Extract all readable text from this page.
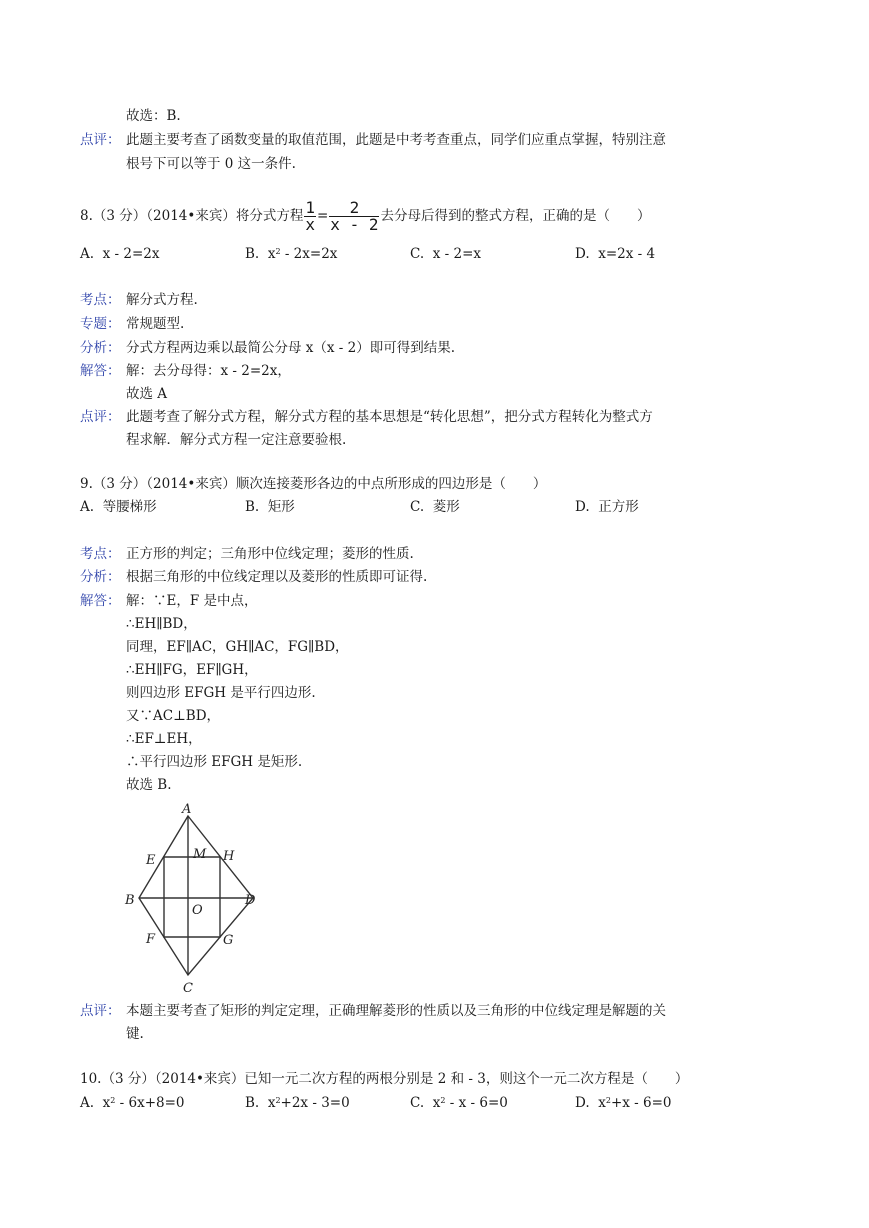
故选：B.
点评： 此题主要考查了函数变量的取值范围，此题是中考考查重点，同学们应重点掌握，特别注意
根号下可以等于 0 这一条件.
8.（3 分）（2014•来宾）将分式方程 $\frac{1}{x} = \frac{2}{x - 2}$ 去分母后得到的整式方程，正确的是（　　）
A. x - 2=2x	B. $x^2 - 2x=2x$	C. x - 2=x	D. x=2x - 4
考点： 解分式方程.
专题： 常规题型.
分析： 分式方程两边乘以最简公分母 x（x - 2）即可得到结果.
解答： 解：去分母得：x - 2=2x，
故选 A
点评： 此题考查了解分式方程，解分式方程的基本思想是“转化思想”，把分式方程转化为整式方
程求解．解分式方程一定注意要验根.
9.（3 分）（2014•来宾）顺次连接菱形各边的中点所形成的四边形是（　　）
A. 等腰梯形	B. 矩形	C. 菱形	D. 正方形
考点： 正方形的判定；三角形中位线定理；菱形的性质.
分析： 根据三角形的中位线定理以及菱形的性质即可证得.
解答： 解：∵E，F 是中点，
∴EH∥BD，
同理，EF∥AC，GH∥AC，FG∥BD，
∴EH∥FG，EF∥GH，
则四边形 EFGH 是平行四边形.
又∵AC⊥BD，
∴EF⊥EH，
∴平行四边形 EFGH 是矩形.
故选 B.
A
B
C
D
E	H
F	G
M
O
点评： 本题主要考查了矩形的判定定理，正确理解菱形的性质以及三角形的中位线定理是解题的关
键.
10.（3 分）（2014•来宾）已知一元二次方程的两根分别是 2 和 - 3，则这个一元二次方程是（　　）
A. $x^2 - 6x+8=0$	B. $x^2+2x - 3=0$	C. $x^2 - x - 6=0$	D. $x^2+x - 6=0$
